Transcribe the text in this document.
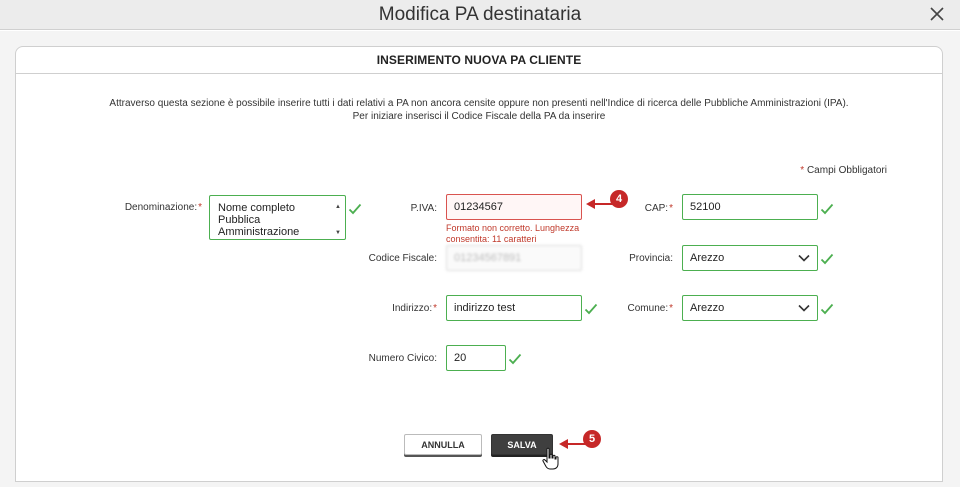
Modifica PA destinataria
INSERIMENTO NUOVA PA CLIENTE
Attraverso questa sezione è possibile inserire tutti i dati relativi a PA non ancora censite oppure non presenti nell'Indice di ricerca delle Pubbliche Amministrazioni (IPA).
Per iniziare inserisci il Codice Fiscale della PA da inserire
* Campi Obbligatori
Denominazione:* Nome completo
Pubblica
Amministrazione
▲
▼
P.IVA:	01234567
Formato non corretto. Lunghezza consentita: 11 caratteri
4
CAP:*	52100
Codice Fiscale:	01234567891	Provincia: Arezzo
Indirizzo:*	indirizzo test	Comune:* Arezzo
Numero Civico:	20
ANNULLA	SALVA	5
